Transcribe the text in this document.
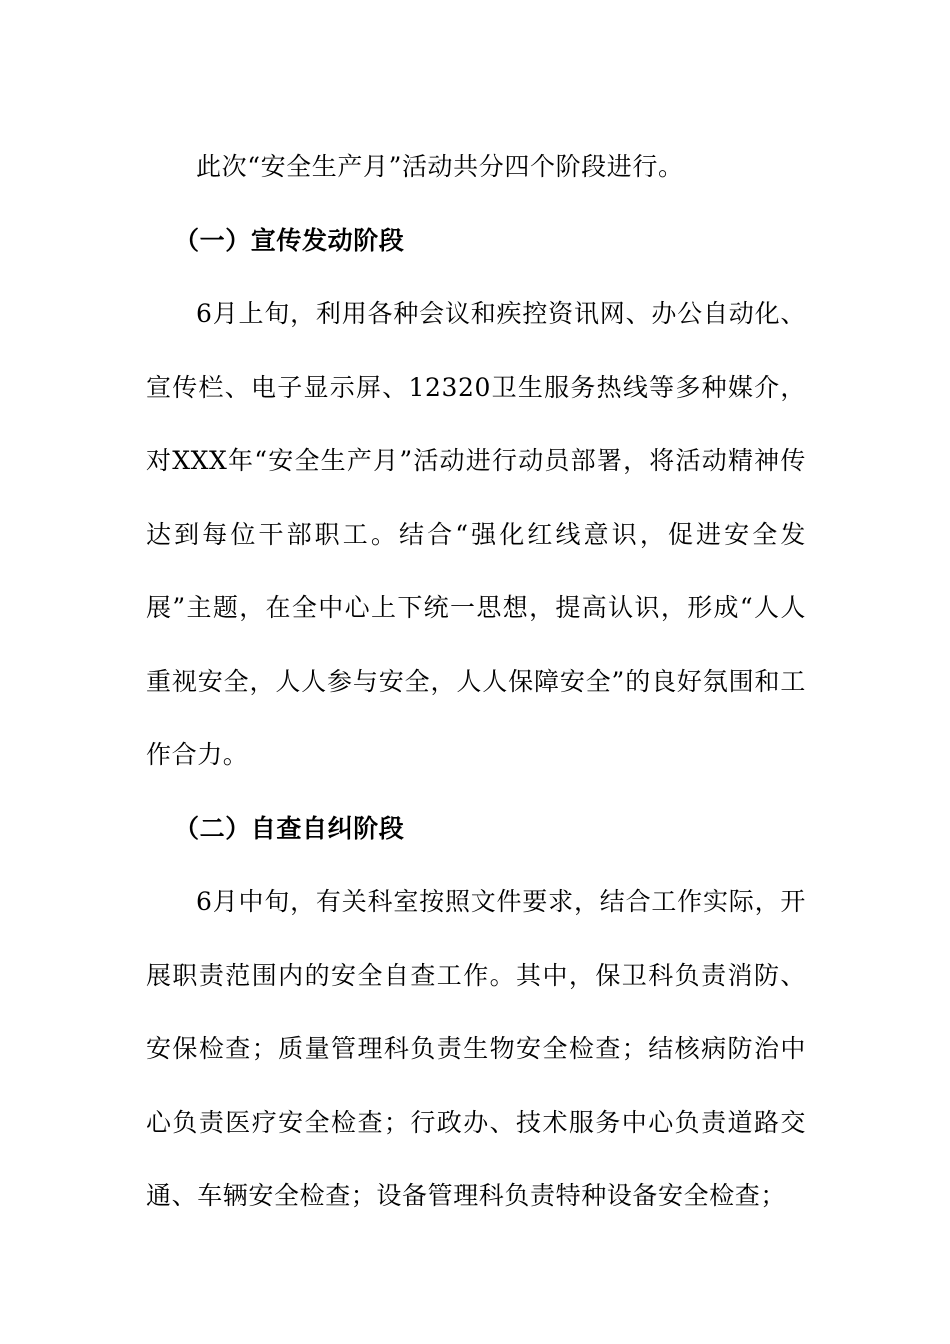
此次“安全生产月”活动共分四个阶段进行。

（一）宣传发动阶段

6月上旬，利用各种会议和疾控资讯网、办公自动化、宣传栏、电子显示屏、12320卫生服务热线等多种媒介，对XXX年“安全生产月”活动进行动员部署，将活动精神传达到每位干部职工。结合“强化红线意识，促进安全发展”主题，在全中心上下统一思想，提高认识，形成“人人重视安全，人人参与安全，人人保障安全”的良好氛围和工作合力。

（二）自查自纠阶段

6月中旬，有关科室按照文件要求，结合工作实际，开展职责范围内的安全自查工作。其中，保卫科负责消防、安保检查；质量管理科负责生物安全检查；结核病防治中心负责医疗安全检查；行政办、技术服务中心负责道路交通、车辆安全检查；设备管理科负责特种设备安全检查；
